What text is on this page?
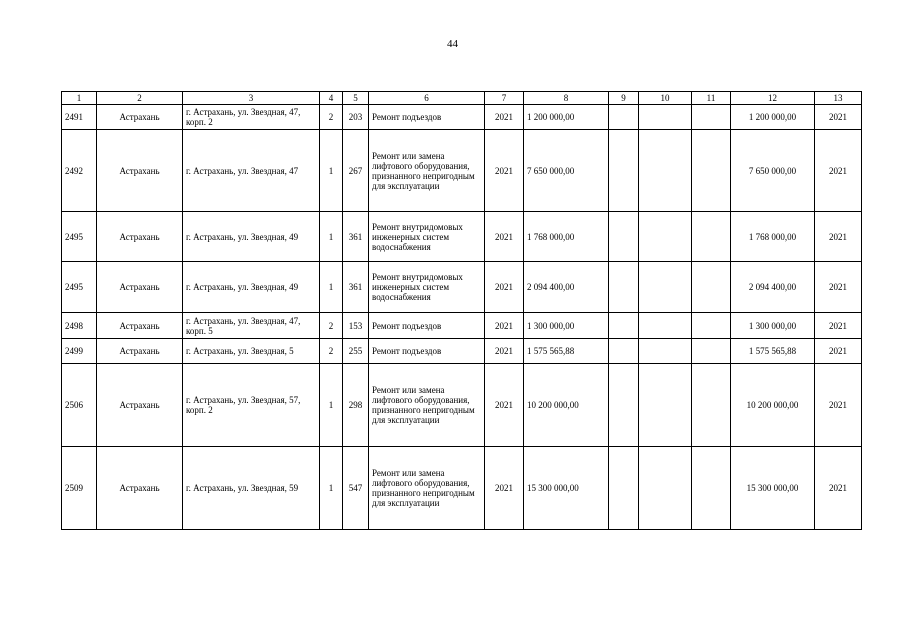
44
1	2	3	4	5	6	7	8	9	10	11	12	13
2491	Астрахань	г. Астрахань, ул. Звездная, 47, корп. 2	2	203	Ремонт подъездов	2021	1 200 000,00				1 200 000,00	2021
2492	Астрахань	г. Астрахань, ул. Звездная, 47	1	267	Ремонт или замена лифтового оборудования, признанного непригодным для эксплуатации	2021	7 650 000,00				7 650 000,00	2021
2495	Астрахань	г. Астрахань, ул. Звездная, 49	1	361	Ремонт внутридомовых инженерных систем водоснабжения	2021	1 768 000,00				1 768 000,00	2021
2495	Астрахань	г. Астрахань, ул. Звездная, 49	1	361	Ремонт внутридомовых инженерных систем водоснабжения	2021	2 094 400,00				2 094 400,00	2021
2498	Астрахань	г. Астрахань, ул. Звездная, 47, корп. 5	2	153	Ремонт подъездов	2021	1 300 000,00				1 300 000,00	2021
2499	Астрахань	г. Астрахань, ул. Звездная, 5	2	255	Ремонт подъездов	2021	1 575 565,88				1 575 565,88	2021
2506	Астрахань	г. Астрахань, ул. Звездная, 57, корп. 2	1	298	Ремонт или замена лифтового оборудования, признанного непригодным для эксплуатации	2021	10 200 000,00				10 200 000,00	2021
2509	Астрахань	г. Астрахань, ул. Звездная, 59	1	547	Ремонт или замена лифтового оборудования, признанного непригодным для эксплуатации	2021	15 300 000,00				15 300 000,00	2021
